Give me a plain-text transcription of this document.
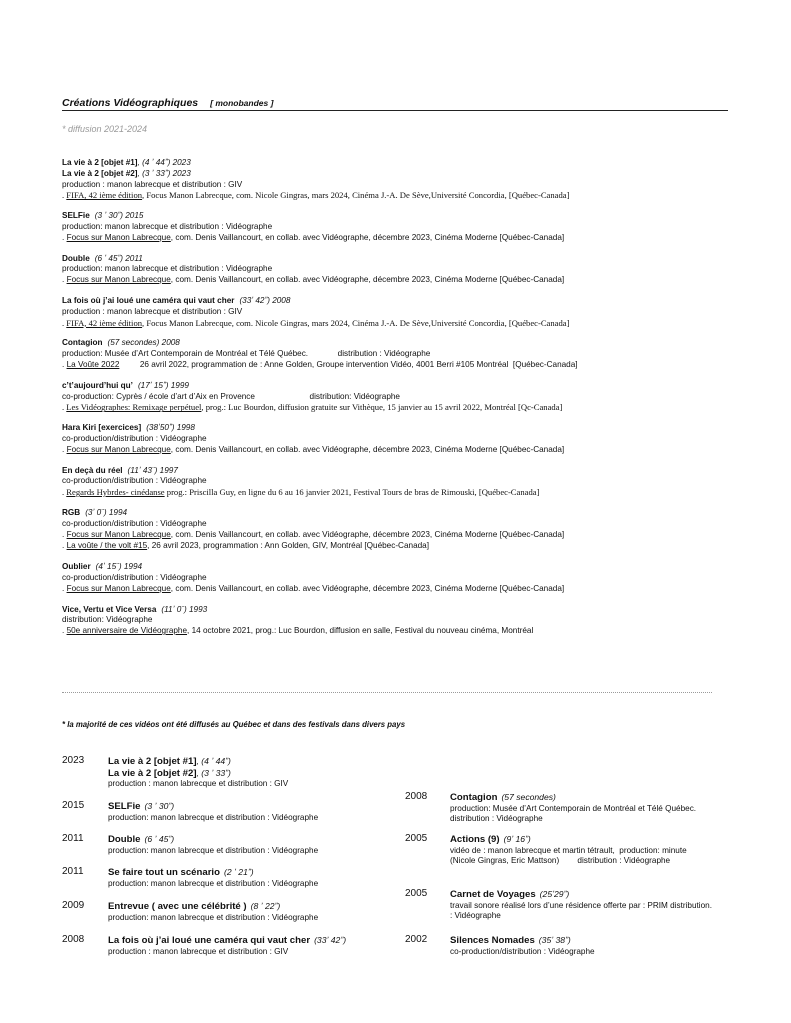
Créations Vidéographiques [ monobandes ]
* diffusion 2021-2024
La vie à 2 [objet #1], (4 ʼ 44ˮ) 2023
La vie à 2 [objet #2], (3 ʼ 33ˮ) 2023
production : manon labrecque et distribution : GIV
. FIFA, 42 ième édition, Focus Manon Labrecque, com. Nicole Gingras, mars 2024, Cinéma J.-A. De Sève,Université Concordia, [Québec-Canada]
SELFie (3 ʼ 30ˮ) 2015
production: manon labrecque et distribution : Vidéographe
. Focus sur Manon Labrecque, com. Denis Vaillancourt, en collab. avec Vidéographe, décembre 2023, Cinéma Moderne [Québec-Canada]
Double (6 ʼ 45ˮ) 2011
production: manon labrecque et distribution : Vidéographe
. Focus sur Manon Labrecque, com. Denis Vaillancourt, en collab. avec Vidéographe, décembre 2023, Cinéma Moderne [Québec-Canada]
La fois où j’ai loué une caméra qui vaut cher (33ʼ 42ˮ) 2008
production : manon labrecque et distribution : GIV
. FIFA, 42 ième édition, Focus Manon Labrecque, com. Nicole Gingras, mars 2024, Cinéma J.-A. De Sève,Université Concordia, [Québec-Canada]
Contagion (57 secondes) 2008
production: Musée d’Art Contemporain de Montréal et Télé Québec.             distribution : Vidéographe
. La Voûte 2022         26 avril 2022, programmation de : Anne Golden, Groupe intervention Vidéo, 4001 Berri #105 Montréal  [Québec-Canada]
c’t’aujourd’hui qu’ (17ʼ 15ˮ) 1999
co-production: Cyprès / école d’art d’Aix en Provence                        distribution: Vidéographe
. Les Vidéographes: Remixage perpétuel, prog.: Luc Bourdon, diffusion gratuite sur Vithèque, 15 janvier au 15 avril 2022, Montréal [Qc-Canada]
Hara Kiri [exercices] (38ʼ50ˮ) 1998
co-production/distribution : Vidéographe
. Focus sur Manon Labrecque, com. Denis Vaillancourt, en collab. avec Vidéographe, décembre 2023, Cinéma Moderne [Québec-Canada]
En deçà du réel (11ʼ 43¨) 1997
co-production/distribution : Vidéographe
. Regards Hybrdes- cinédanse prog.: Priscilla Guy, en ligne du 6 au 16 janvier 2021, Festival Tours de bras de Rimouski, [Québec-Canada]
RGB (3ʼ 0¨) 1994
co-production/distribution : Vidéographe
. Focus sur Manon Labrecque, com. Denis Vaillancourt, en collab. avec Vidéographe, décembre 2023, Cinéma Moderne [Québec-Canada]
. La voûte / the volt #15, 26 avril 2023, programmation : Ann Golden, GIV, Montréal [Québec-Canada]
Oublier (4ʼ 15¨) 1994
co-production/distribution : Vidéographe
. Focus sur Manon Labrecque, com. Denis Vaillancourt, en collab. avec Vidéographe, décembre 2023, Cinéma Moderne [Québec-Canada]
Vice, Vertu et Vice Versa (11ʼ 0¨) 1993
distribution: Vidéographe
. 50e anniversaire de Vidéographe, 14 octobre 2021, prog.: Luc Bourdon, diffusion en salle, Festival du nouveau cinéma, Montréal
* la majorité de ces vidéos ont été diffusés au Québec et dans des festivals dans divers pays
2023 La vie à 2 [objet #1], (4 ʼ 44ˮ)
La vie à 2 [objet #2], (3 ʼ 33ˮ)
production : manon labrecque et distribution : GIV
2015 SELFie (3 ʼ 30ˮ)
production: manon labrecque et distribution : Vidéographe
2011	Double (6 ʼ 45ˮ)
production: manon labrecque et distribution : Vidéographe
2011	Se faire tout un scénario (2 ʼ 21ˮ)
production: manon labrecque et distribution : Vidéographe
2009 Entrevue ( avec une célébrité ) (8 ʼ 22ˮ)
production: manon labrecque et distribution : Vidéographe
2008 La fois où j’ai loué une caméra qui vaut cher (33ʼ 42ˮ)
production : manon labrecque et distribution : GIV
2008 Contagion (57 secondes)
production: Musée d’Art Contemporain de Montréal et Télé Québec. distribution : Vidéographe
2005 Actions (9) (9ʼ 16ˮ)
vidéo de : manon labrecque et martin tétrault,  production: minute  (Nicole Gingras, Eric Mattson)        distribution : Vidéographe
2005 Carnet de Voyages (25ʼ29ˮ)
travail sonore réalisé lors d’une résidence offerte par : PRIM distribution. : Vidéographe
2002 Silences Nomades (35ʼ 38ˮ)
co-production/distribution : Vidéographe
